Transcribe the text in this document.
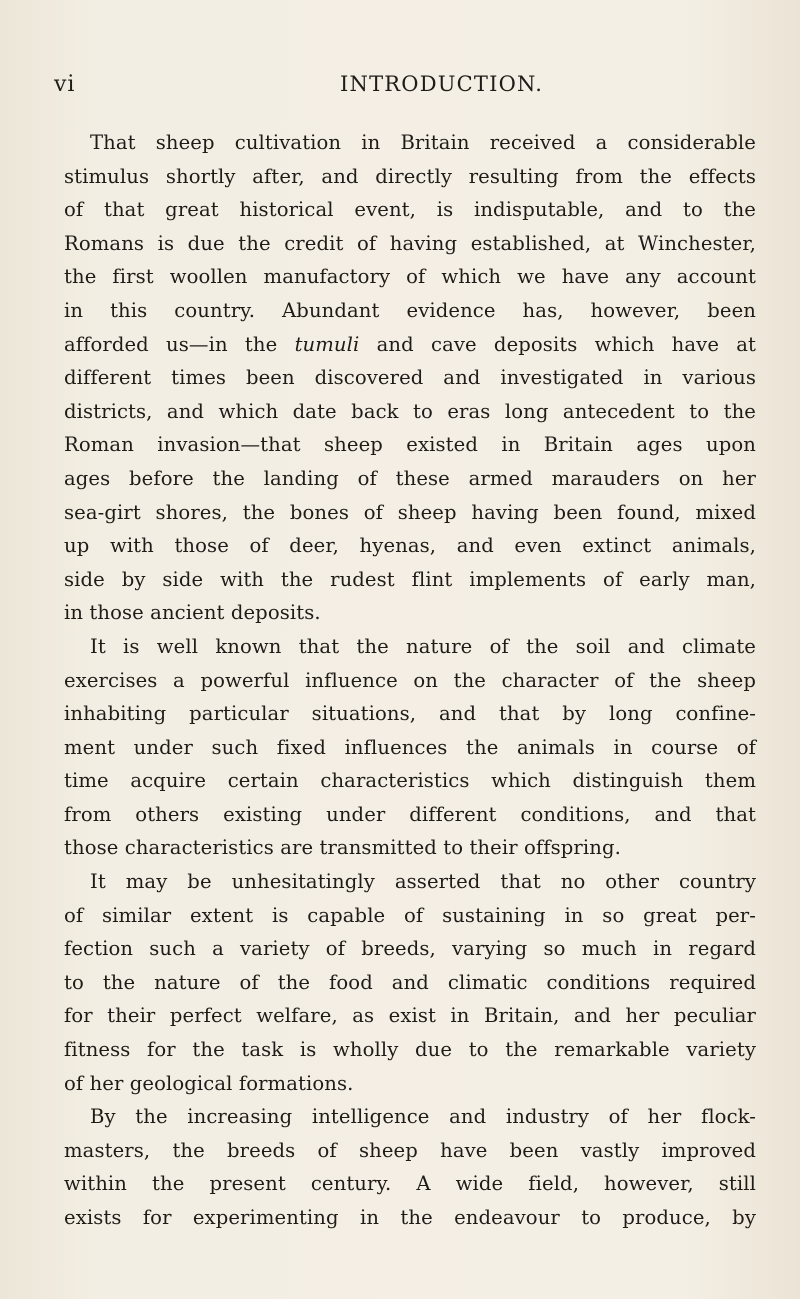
vi	INTRODUCTION.
That sheep cultivation in Britain received a considerable
stimulus shortly after, and directly resulting from the effects
of that great historical event, is indisputable, and to the
Romans is due the credit of having established, at Winchester,
the first woollen manufactory of which we have any account
in this country. Abundant evidence has, however, been
afforded us—in the tumuli and cave deposits which have at
different times been discovered and investigated in various
districts, and which date back to eras long antecedent to the
Roman invasion—that sheep existed in Britain ages upon
ages before the landing of these armed marauders on her
sea-girt shores, the bones of sheep having been found, mixed
up with those of deer, hyenas, and even extinct animals,
side by side with the rudest flint implements of early man,
in those ancient deposits.
It is well known that the nature of the soil and climate
exercises a powerful influence on the character of the sheep
inhabiting particular situations, and that by long confine-
ment under such fixed influences the animals in course of
time acquire certain characteristics which distinguish them
from others existing under different conditions, and that
those characteristics are transmitted to their offspring.
It may be unhesitatingly asserted that no other country
of similar extent is capable of sustaining in so great per-
fection such a variety of breeds, varying so much in regard
to the nature of the food and climatic conditions required
for their perfect welfare, as exist in Britain, and her peculiar
fitness for the task is wholly due to the remarkable variety
of her geological formations.
By the increasing intelligence and industry of her flock-
masters, the breeds of sheep have been vastly improved
within the present century. A wide field, however, still
exists for experimenting in the endeavour to produce, by
